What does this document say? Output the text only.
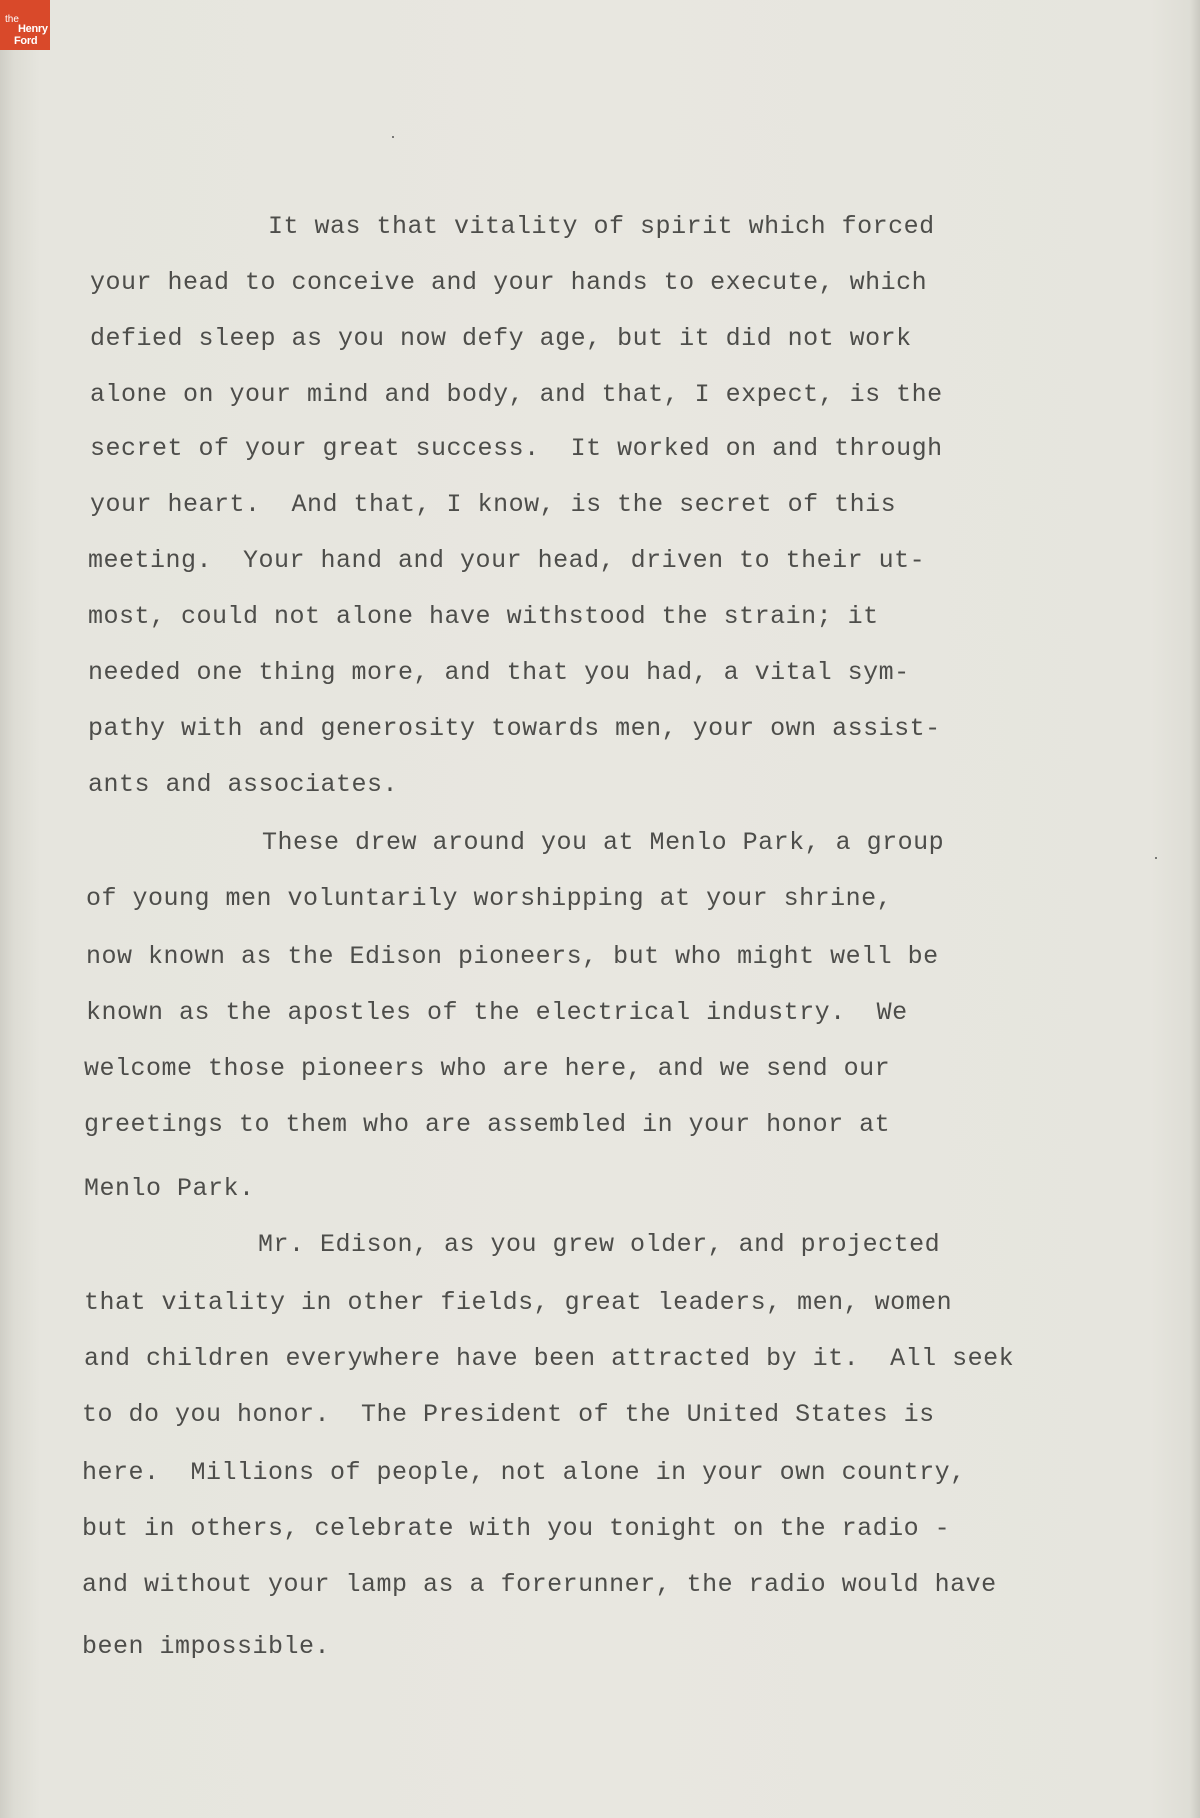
the
Henry
Ford
It was that vitality of spirit which forced
your head to conceive and your hands to execute, which
defied sleep as you now defy age, but it did not work
alone on your mind and body, and that, I expect, is the
secret of your great success.  It worked on and through
your heart.  And that, I know, is the secret of this
meeting.  Your hand and your head, driven to their ut-
most, could not alone have withstood the strain; it
needed one thing more, and that you had, a vital sym-
pathy with and generosity towards men, your own assist-
ants and associates.
These drew around you at Menlo Park, a group
of young men voluntarily worshipping at your shrine,
now known as the Edison pioneers, but who might well be
known as the apostles of the electrical industry.  We
welcome those pioneers who are here, and we send our
greetings to them who are assembled in your honor at
Menlo Park.
Mr. Edison, as you grew older, and projected
that vitality in other fields, great leaders, men, women
and children everywhere have been attracted by it.  All seek
to do you honor.  The President of the United States is
here.  Millions of people, not alone in your own country,
but in others, celebrate with you tonight on the radio -
and without your lamp as a forerunner, the radio would have
been impossible.
